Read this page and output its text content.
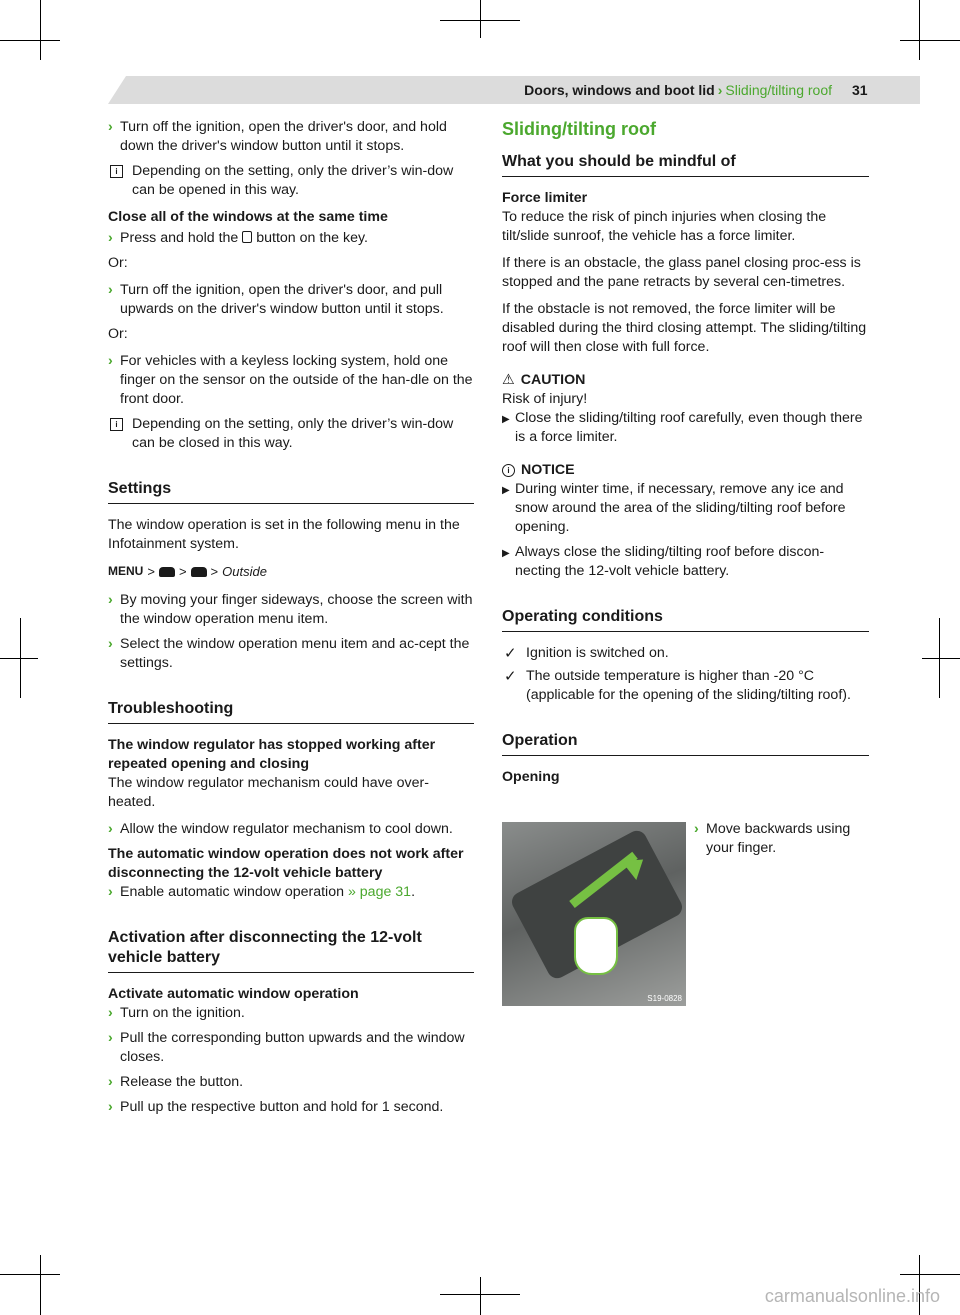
Doors, windows and boot lid › Sliding/tilting roof 31
› Turn off the ignition, open the driver's door, and hold down the driver's window button until it stops.

i	Depending on the setting, only the driver’s win-dow can be opened in this way.

Close all of the windows at the same time

› Press and hold the button on the key.

Or:

› Turn off the ignition, open the driver's door, and pull upwards on the driver's window button until it stops.

Or:

› For vehicles with a keyless locking system, hold one finger on the sensor on the outside of the han-dle on the front door.

i	Depending on the setting, only the driver’s win-dow can be closed in this way.

Settings

The window operation is set in the following menu in the Infotainment system.

MENU > > > Outside
› By moving your finger sideways, choose the screen with the window operation menu item.
› Select the window operation menu item and ac-cept the settings.
Troubleshooting

The window regulator has stopped working after repeated opening and closing

The window regulator mechanism could have over-heated.

› Allow the window regulator mechanism to cool down.

The automatic window operation does not work after disconnecting the 12-volt vehicle battery

› Enable automatic window operation » page 31.
Activation after disconnecting the 12-volt vehicle battery

Activate automatic window operation

› Turn on the ignition.
› Pull the corresponding button upwards and the window closes.
› Release the button.
› Pull up the respective button and hold for 1 second.
Sliding/tilting roof
What you should be mindful of

Force limiter

To reduce the risk of pinch injuries when closing the tilt/slide sunroof, the vehicle has a force limiter.

If there is an obstacle, the glass panel closing proc-ess is stopped and the pane retracts by several cen-timetres.

If the obstacle is not removed, the force limiter will be disabled during the third closing attempt. The sliding/tilting roof will then close with full force.

⚠ CAUTION

Risk of injury!

▶ Close the sliding/tilting roof carefully, even though there is a force limiter.

i NOTICE

▶ During winter time, if necessary, remove any ice and snow around the area of the sliding/tilting roof before opening.
▶ Always close the sliding/tilting roof before discon-necting the 12-volt vehicle battery.
Operating conditions
✓ Ignition is switched on.
✓ The outside temperature is higher than -20 °C (applicable for the opening of the sliding/tilting roof).
Operation

Opening

S19-0828
› Move backwards using your finger.
carmanualsonline.info
